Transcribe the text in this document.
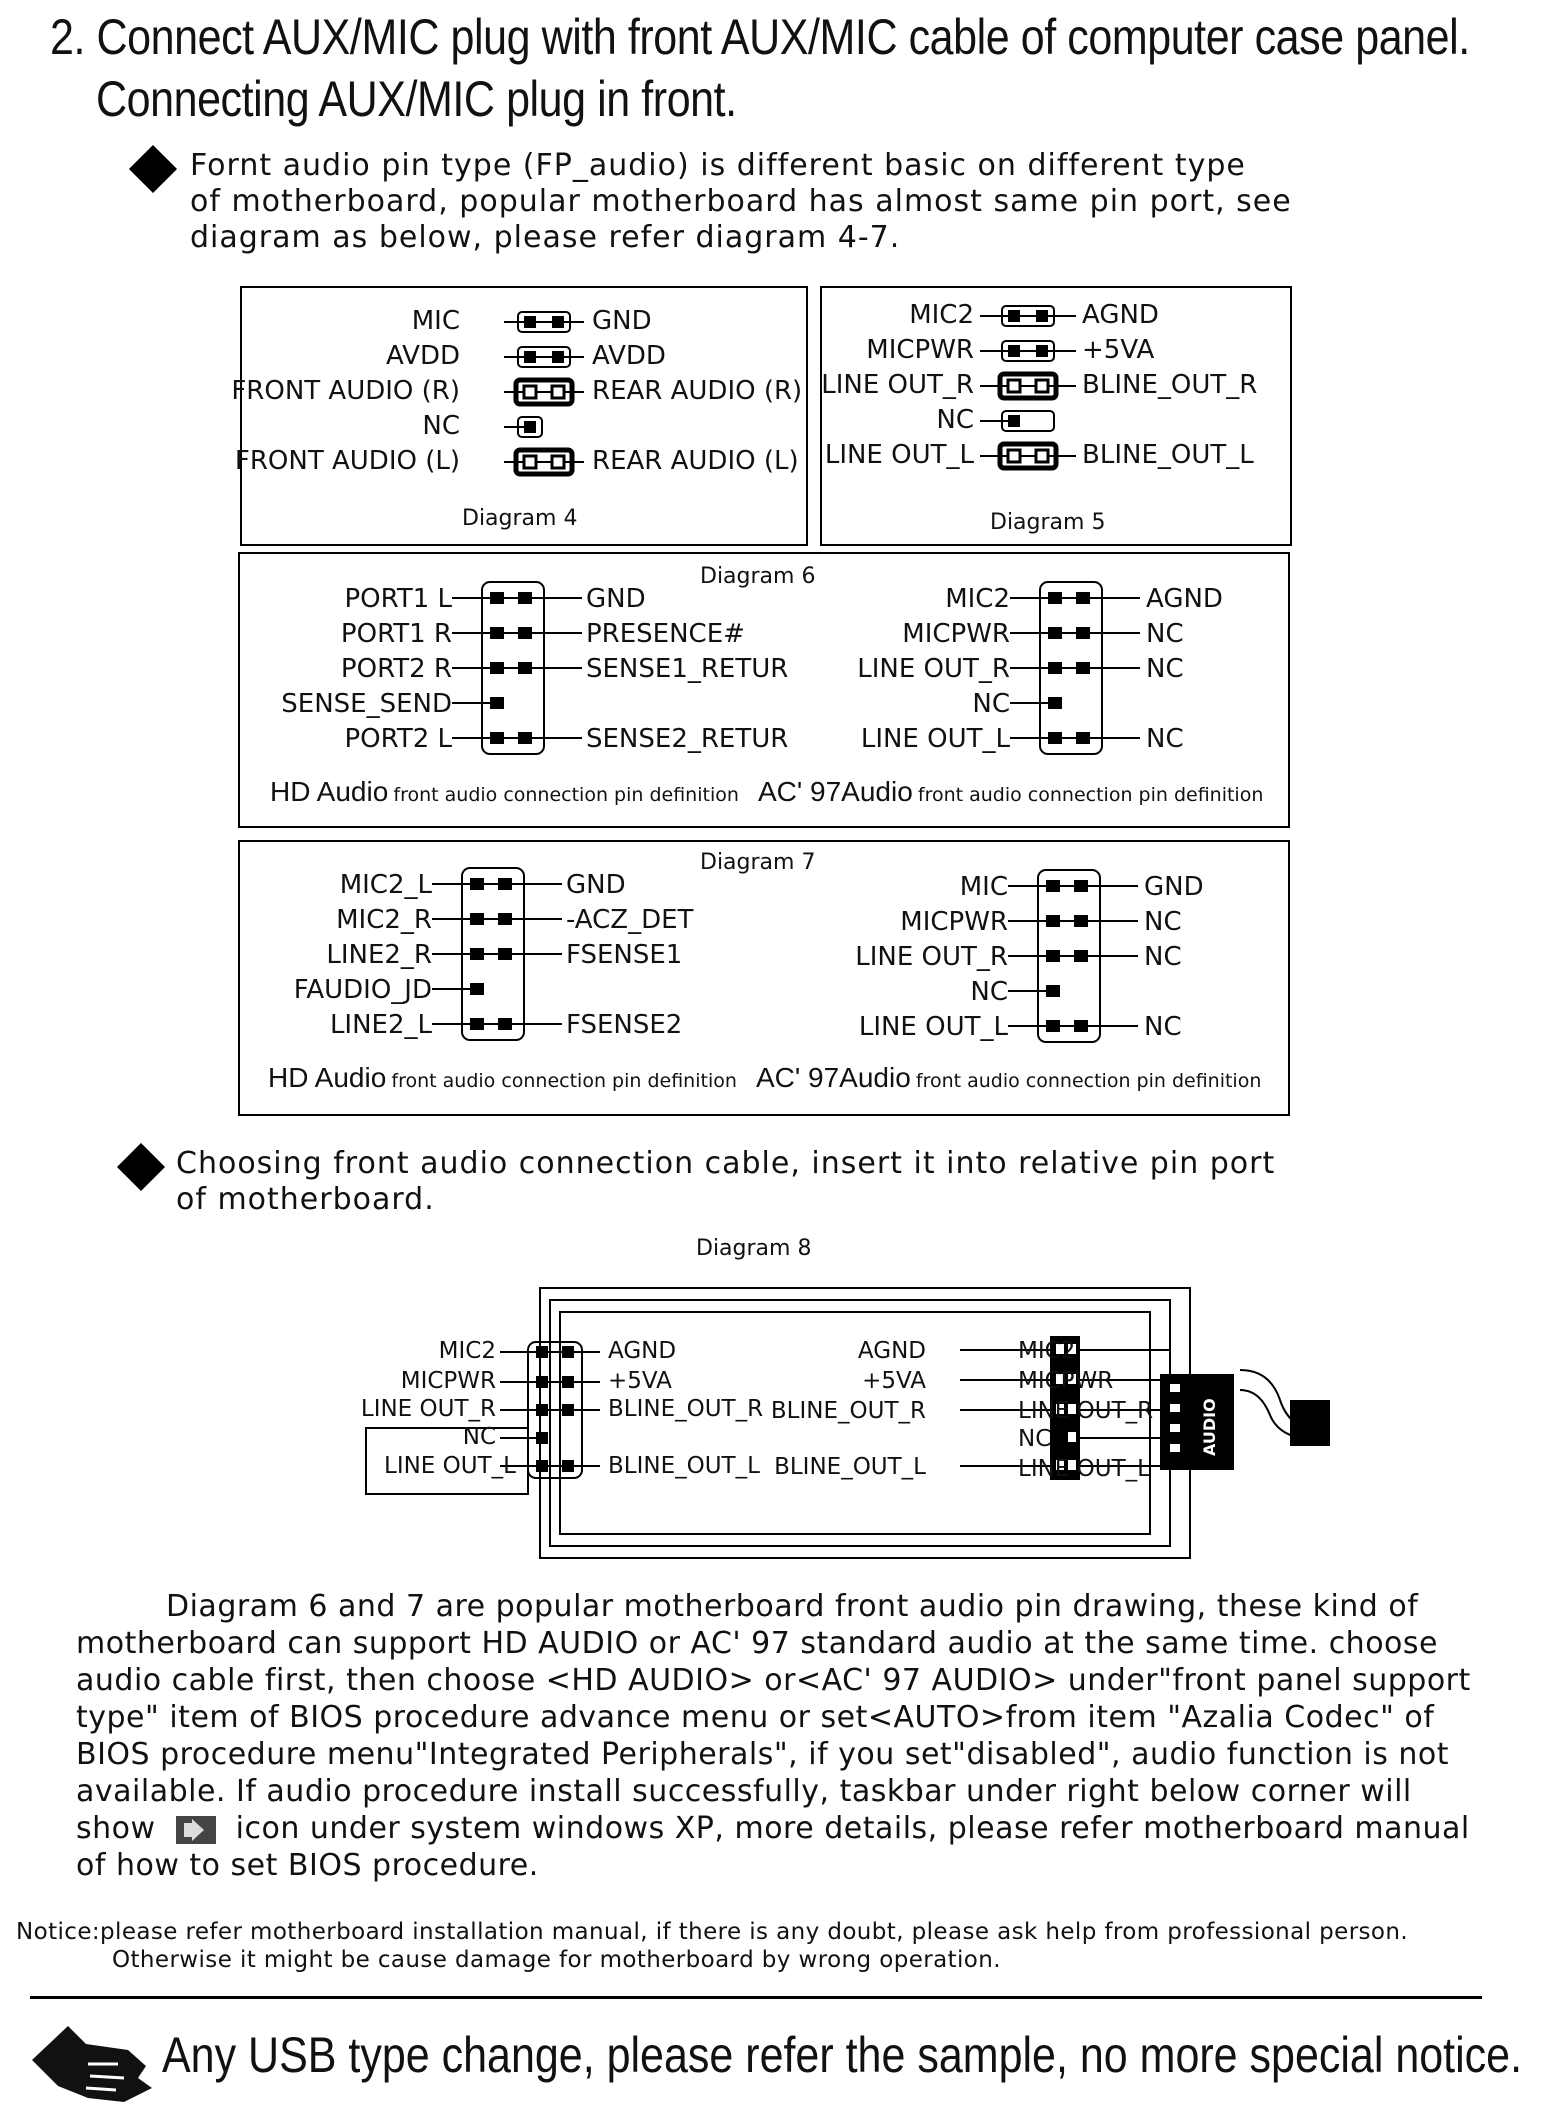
2. Connect AUX/MIC plug with front AUX/MIC cable of computer case panel.
Connecting AUX/MIC plug in front.
Fornt audio pin type (FP_audio) is different basic on different type
of motherboard, popular motherboard has almost same pin port, see
diagram as below, please refer diagram 4-7.
MIC
AVDD
FRONT AUDIO (R)
NC
FRONT AUDIO (L)
GND
AVDD
REAR AUDIO (R)
REAR AUDIO (L)
Diagram 4
MIC2
MICPWR
LINE OUT_R
NC
LINE OUT_L
AGND
+5VA
BLINE_OUT_R
BLINE_OUT_L
Diagram 5
Diagram 6
PORT1 L
PORT1 R
PORT2 R
SENSE_SEND
PORT2 L
GND
PRESENCE#
SENSE1_RETUR
SENSE2_RETUR
MIC2
MICPWR
LINE OUT_R
NC
LINE OUT_L
AGND
NC
NC
NC
HD Audio front audio connection pin definition AC' 97Audio front audio connection pin definition
Diagram 7
MIC2_L
MIC2_R
LINE2_R
FAUDIO_JD
LINE2_L
GND
-ACZ_DET
FSENSE1
FSENSE2
MIC
MICPWR
LINE OUT_R
NC
LINE OUT_L
GND
NC
NC
NC
HD Audio front audio connection pin definition AC' 97Audio front audio connection pin definition
Choosing front audio connection cable, insert it into relative pin port
of motherboard.
Diagram 8
MIC2
MICPWR
LINE OUT_R
NC
LINE OUT_L
AGND
+5VA
BLINE_OUT_R
BLINE_OUT_L
AGND
+5VA
BLINE_OUT_R
BLINE_OUT_L
MIC2
MICPWR
LINE OUT_R
NC
LINE OUT_L
AUDIO
Diagram 6 and 7 are popular motherboard front audio pin drawing, these kind of
motherboard can support HD AUDIO or AC' 97 standard audio at the same time. choose
audio cable first, then choose <HD AUDIO> or<AC' 97 AUDIO> under"front panel support
type" item of BIOS procedure advance menu or set<AUTO>from item "Azalia Codec" of
BIOS procedure menu"Integrated Peripherals", if you set"disabled", audio function is not
available. If audio procedure install successfully, taskbar under right below corner will
show	icon under system windows XP, more details, please refer motherboard manual
of how to set BIOS procedure.
Notice:please refer motherboard installation manual, if there is any doubt, please ask help from professional person.
Otherwise it might be cause damage for motherboard by wrong operation.
Any USB type change, please refer the sample, no more special notice.
